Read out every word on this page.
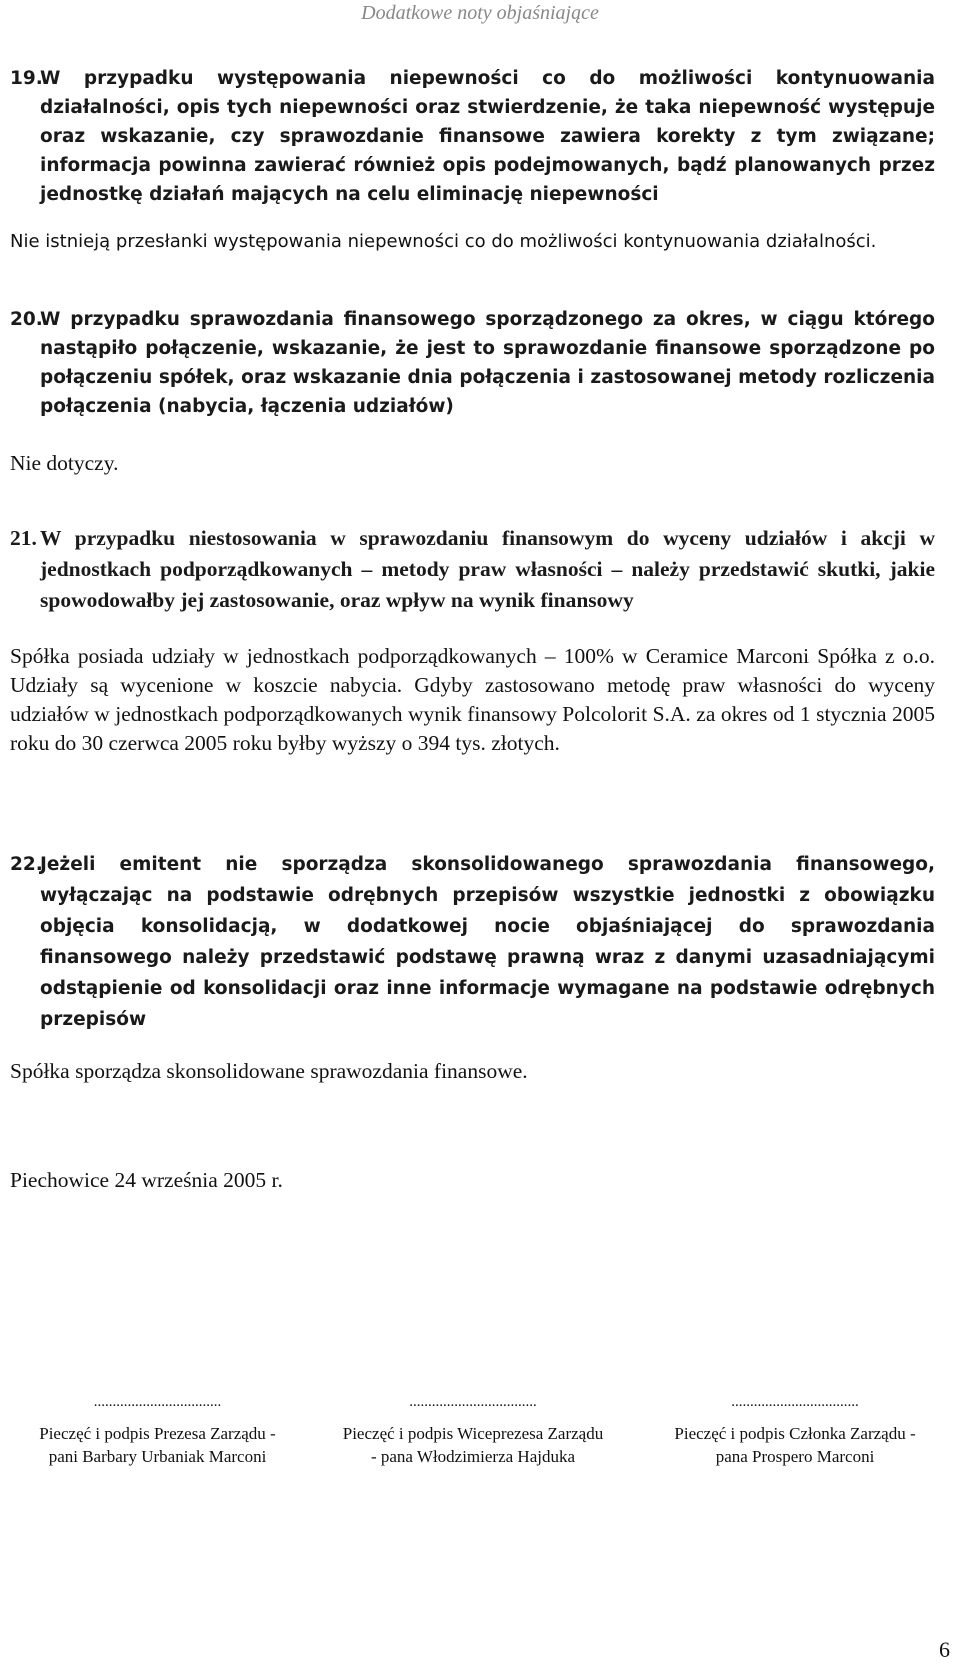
Dodatkowe noty objaśniające

19.W przypadku występowania niepewności co do możliwości kontynuowania działalności, opis tych niepewności oraz stwierdzenie, że taka niepewność występuje oraz wskazanie, czy sprawozdanie finansowe zawiera korekty z tym związane; informacja powinna zawierać również opis podejmowanych, bądź planowanych przez jednostkę działań mających na celu eliminację niepewności

Nie istnieją przesłanki występowania niepewności co do możliwości kontynuowania działalności.

20.W przypadku sprawozdania finansowego sporządzonego za okres, w ciągu którego nastąpiło połączenie, wskazanie, że jest to sprawozdanie finansowe sporządzone po połączeniu spółek, oraz wskazanie dnia połączenia i zastosowanej metody rozliczenia połączenia (nabycia, łączenia udziałów)

Nie dotyczy.

21. W przypadku niestosowania w sprawozdaniu finansowym do wyceny udziałów i akcji w jednostkach podporządkowanych – metody praw własności – należy przedstawić skutki, jakie spowodowałby jej zastosowanie, oraz wpływ na wynik finansowy

Spółka posiada udziały w jednostkach podporządkowanych – 100% w Ceramice Marconi Spółka z o.o. Udziały są wycenione w koszcie nabycia. Gdyby zastosowano metodę praw własności do wyceny udziałów w jednostkach podporządkowanych wynik finansowy Polcolorit S.A. za okres od 1 stycznia 2005 roku do 30 czerwca 2005 roku byłby wyższy o 394 tys. złotych.

22.Jeżeli emitent nie sporządza skonsolidowanego sprawozdania finansowego, wyłączając na podstawie odrębnych przepisów wszystkie jednostki z obowiązku objęcia konsolidacją, w dodatkowej nocie objaśniającej do sprawozdania finansowego należy przedstawić podstawę prawną wraz z danymi uzasadniającymi odstąpienie od konsolidacji oraz inne informacje wymagane na podstawie odrębnych przepisów

Spółka sporządza skonsolidowane sprawozdania finansowe.

Piechowice 24 września 2005 r.

..................................
Pieczęć i podpis Prezesa Zarządu -
pani Barbary Urbaniak Marconi
..................................
Pieczęć i podpis Wiceprezesa Zarządu
- pana Włodzimierza Hajduka
..................................
Pieczęć i podpis Członka Zarządu -
pana Prospero Marconi
6
